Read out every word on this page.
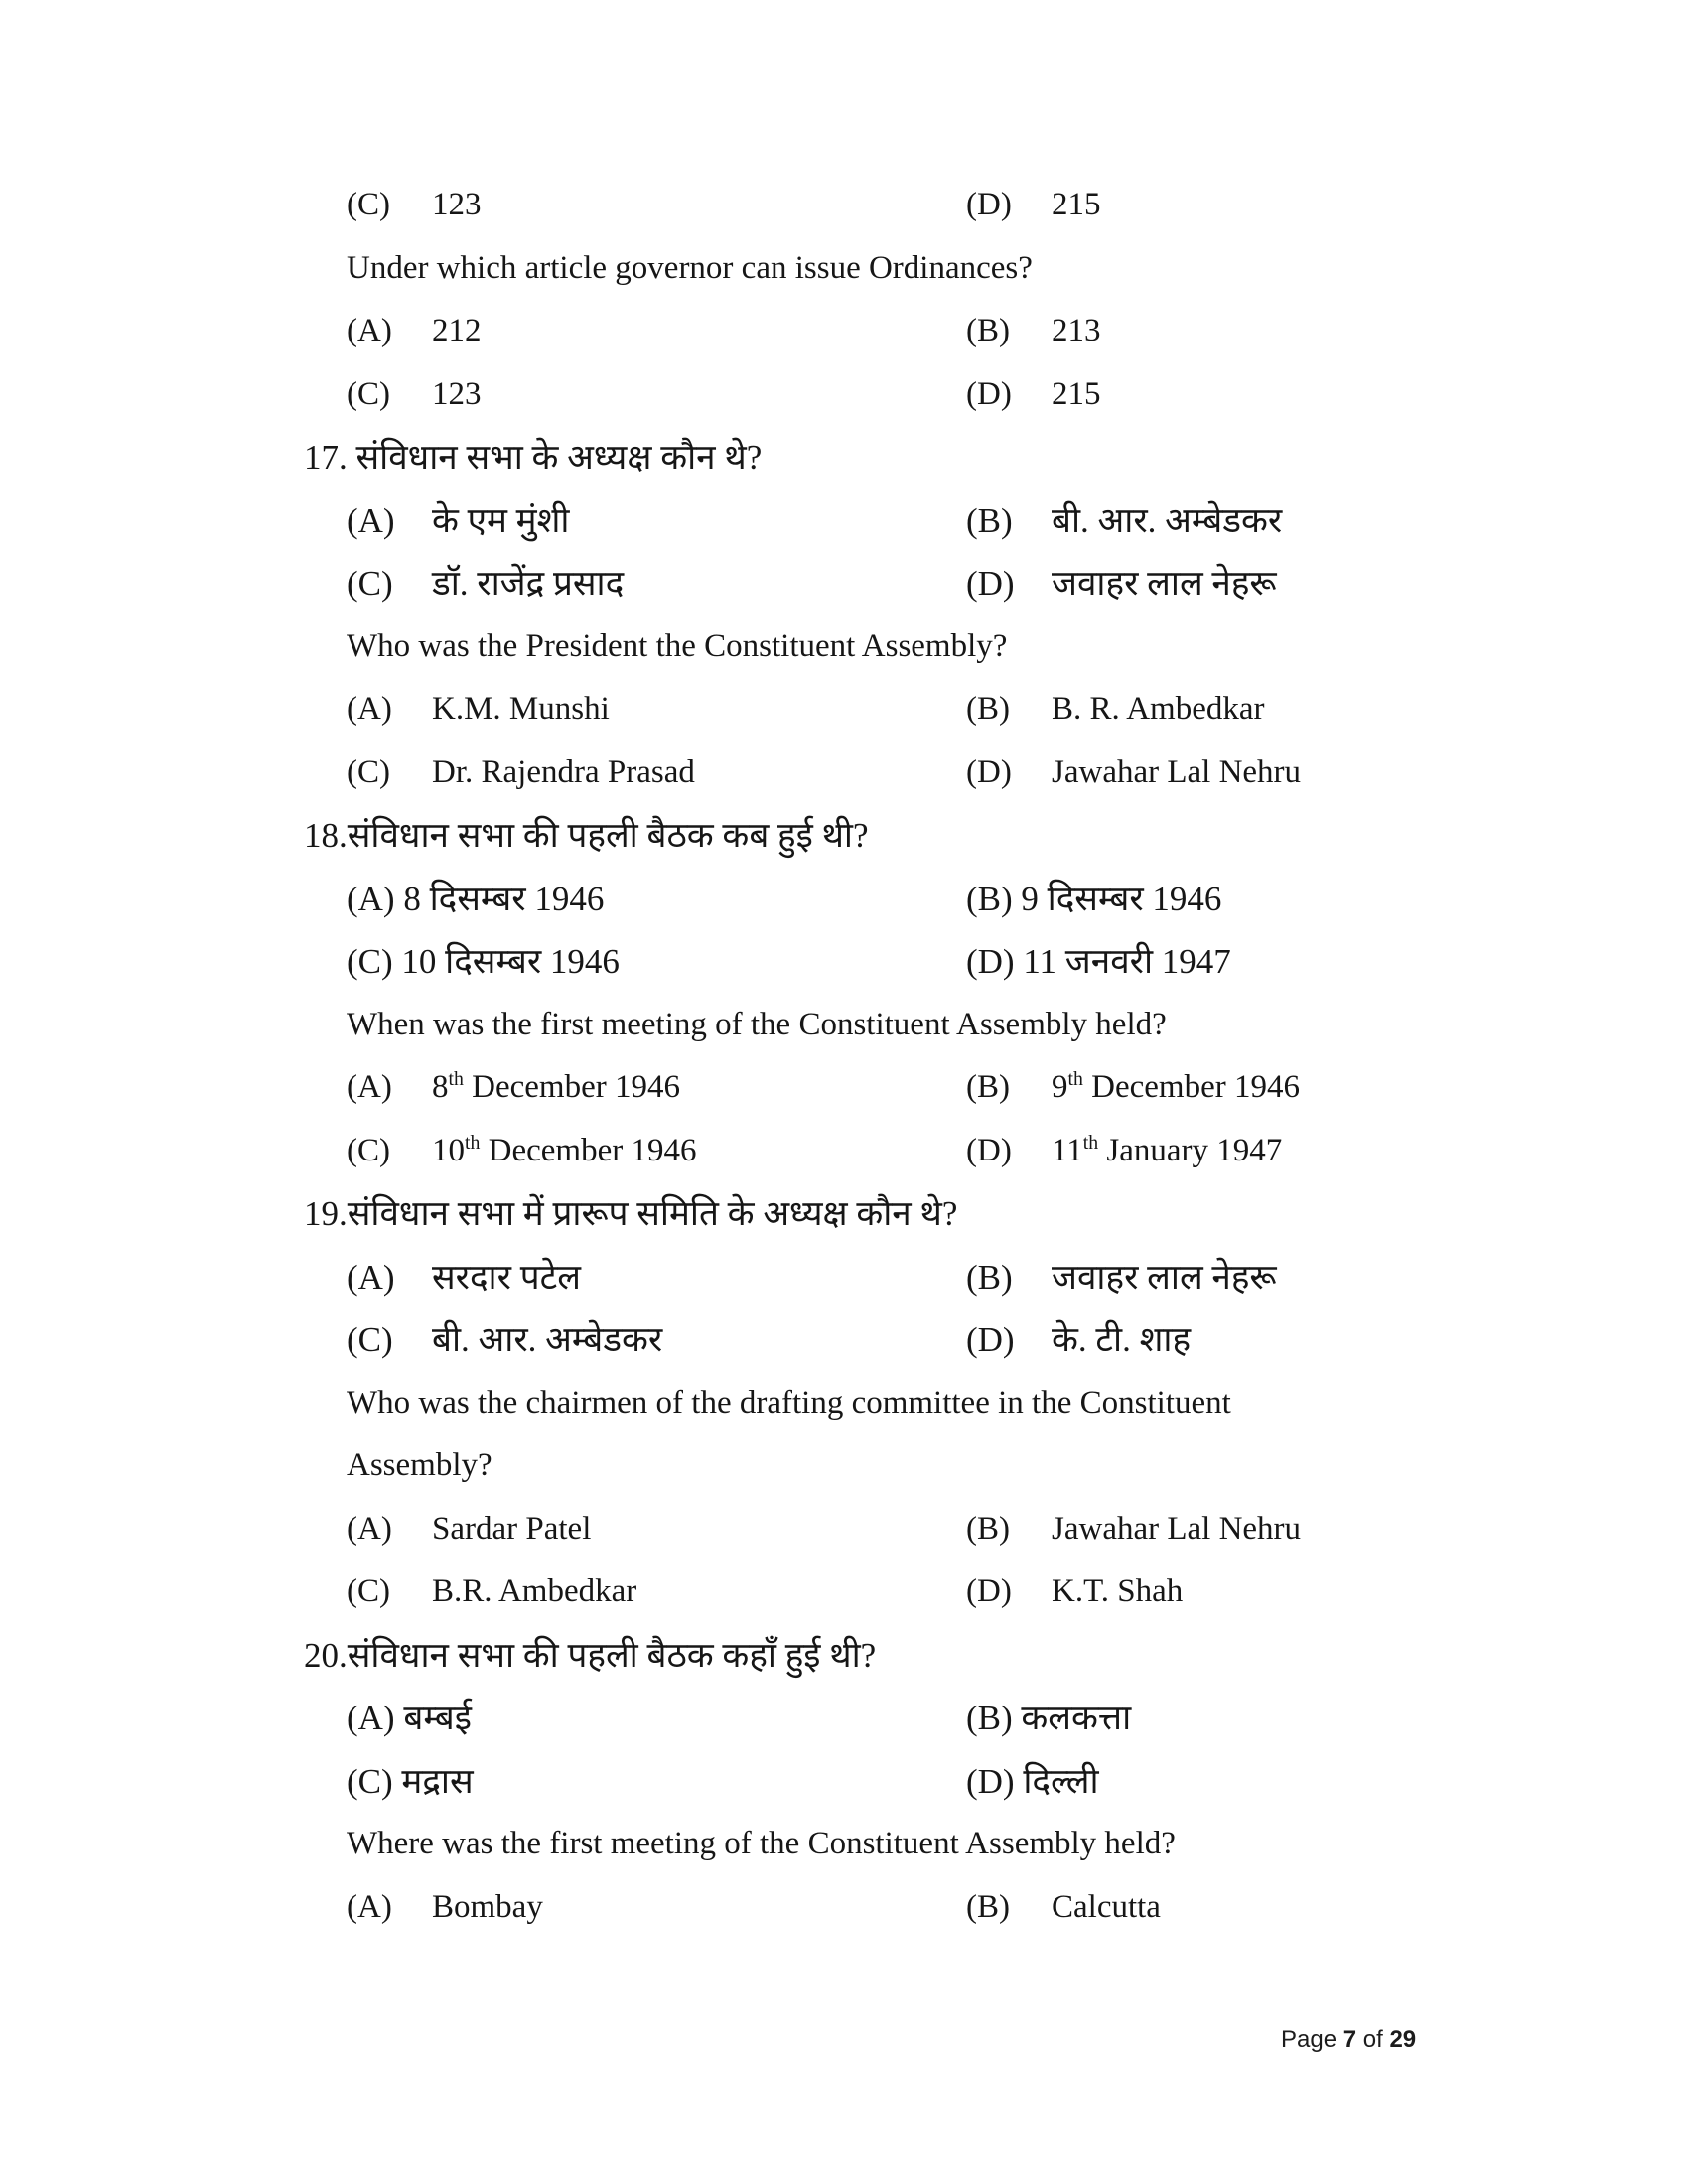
(C) 123	(D) 215
Under which article governor can issue Ordinances?
(A) 212	(B) 213
(C) 123	(D) 215
17. संविधान सभा के अध्यक्ष कौन थे?
(A) के एम मुंशी	(B) बी. आर. अम्बेडकर
(C) डॉ. राजेंद्र प्रसाद	(D) जवाहर लाल नेहरू
Who was the President the Constituent Assembly?
(A) K.M. Munshi	(B) B. R. Ambedkar
(C) Dr. Rajendra Prasad	(D) Jawahar Lal Nehru
18.संविधान सभा की पहली बैठक कब हुई थी?
(A) 8 दिसम्बर 1946	(B) 9 दिसम्बर 1946
(C) 10 दिसम्बर 1946	(D) 11 जनवरी 1947
When was the first meeting of the Constituent Assembly held?
(A) 8th December 1946	(B) 9th December 1946
(C) 10th December 1946	(D) 11th January 1947
19.संविधान सभा में प्रारूप समिति के अध्यक्ष कौन थे?
(A) सरदार पटेल	(B) जवाहर लाल नेहरू
(C) बी. आर. अम्बेडकर	(D) के. टी. शाह
Who was the chairmen of the drafting committee in the Constituent
Assembly?
(A) Sardar Patel	(B) Jawahar Lal Nehru
(C) B.R. Ambedkar	(D) K.T. Shah
20.संविधान सभा की पहली बैठक कहाँ हुई थी?
(A) बम्बई	(B) कलकत्ता
(C) मद्रास	(D) दिल्ली
Where was the first meeting of the Constituent Assembly held?
(A) Bombay	(B) Calcutta
Page 7 of 29
